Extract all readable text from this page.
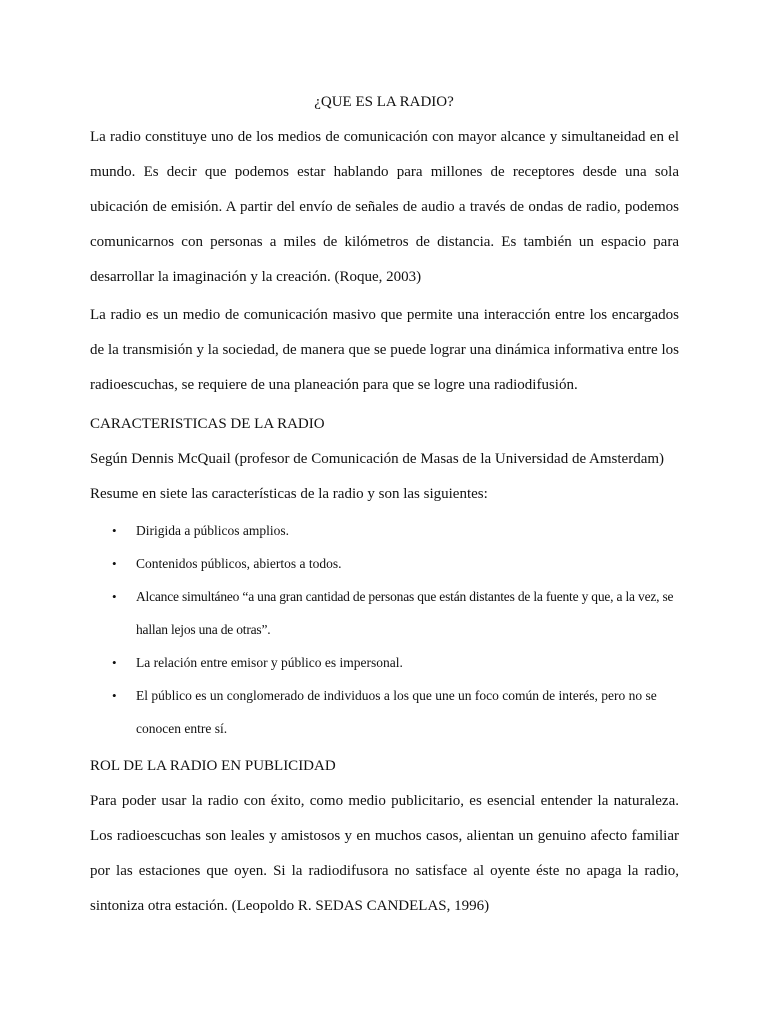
¿QUE ES LA RADIO?
La radio constituye uno de los medios de comunicación con mayor alcance y simultaneidad en el mundo. Es decir que podemos estar hablando para millones de receptores desde una sola ubicación de emisión. A partir del envío de señales de audio a través de ondas de radio, podemos comunicarnos con personas a miles de kilómetros de distancia. Es también un espacio para desarrollar la imaginación y la creación. (Roque, 2003)
La radio es un medio de comunicación masivo que permite una interacción entre los encargados de la transmisión y la sociedad, de manera que se puede lograr una dinámica informativa entre los radioescuchas, se requiere de una planeación para que se logre una radiodifusión.
CARACTERISTICAS DE LA RADIO
Según Dennis McQuail (profesor de Comunicación de Masas de la Universidad de Amsterdam)
Resume en siete las características de la radio y son las siguientes:
• Dirigida a públicos amplios.
• Contenidos públicos, abiertos a todos.
• Alcance simultáneo “a una gran cantidad de personas que están distantes de la fuente y que, a la vez, se hallan lejos una de otras”.
• La relación entre emisor y público es impersonal.
• El público es un conglomerado de individuos a los que une un foco común de interés, pero no se conocen entre sí.
ROL DE LA RADIO EN PUBLICIDAD
Para poder usar la radio con éxito, como medio publicitario, es esencial entender la naturaleza. Los radioescuchas son leales y amistosos y en muchos casos, alientan un genuino afecto familiar por las estaciones que oyen. Si la radiodifusora no satisface al oyente éste no apaga la radio, sintoniza otra estación. (Leopoldo R. SEDAS CANDELAS, 1996)
